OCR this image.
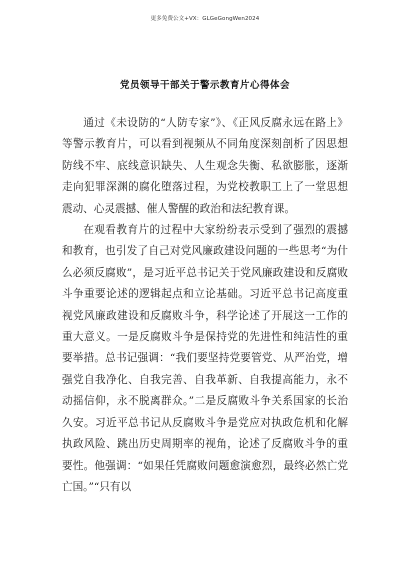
更多免费公文+VX：GLGeGongWen2024
党员领导干部关于警示教育片心得体会

通过《未设防的“人防专家”》、《正风反腐永远在路上》等警示教育片，可以看到视频从不同角度深刻剖析了因思想防线不牢、底线意识缺失、人生观念失衡、私欲膨胀，逐渐走向犯罪深渊的腐化堕落过程，为党校教职工上了一堂思想震动、心灵震撼、催人警醒的政治和法纪教育课。

在观看教育片的过程中大家纷纷表示受到了强烈的震撼和教育，也引发了自己对党风廉政建设问题的一些思考“为什么必须反腐败”，是习近平总书记关于党风廉政建设和反腐败斗争重要论述的逻辑起点和立论基础。习近平总书记高度重视党风廉政建设和反腐败斗争，科学论述了开展这一工作的重大意义。一是反腐败斗争是保持党的先进性和纯洁性的重要举措。总书记强调：“我们要坚持党要管党、从严治党，增强党自我净化、自我完善、自我革新、自我提高能力，永不动摇信仰，永不脱离群众。”二是反腐败斗争关系国家的长治久安。习近平总书记从反腐败斗争是党应对执政危机和化解执政风险、跳出历史周期率的视角，论述了反腐败斗争的重要性。他强调：“如果任凭腐败问题愈演愈烈，最终必然亡党亡国。”“只有以
